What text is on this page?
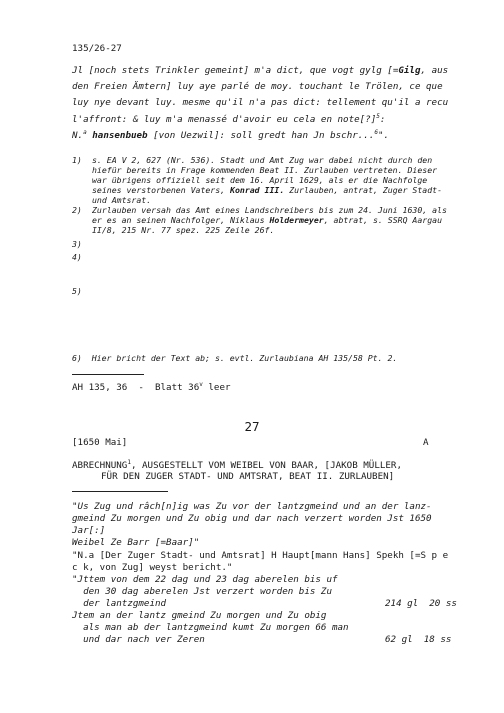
135/26-27
Jl [noch stets Trinkler gemeint] m'a dict, que vogt gylg [=Gilg, aus
den Freien Ämtern] luy aye parlé de moy. touchant le Trölen, ce que
luy nye devant luy. mesme qu'il n'a pas dict: tellement qu'il a recu
l'affront: & luy m'a menassé d'avoir eu cela en note[?]$^5$:
N.$^a$ hansenbueb [von Uezwil]: soll gredt han Jn bschr...$^6$".
1) s. EA V 2, 627 (Nr. 536). Stadt und Amt Zug war dabei nicht durch den
hiefür bereits in Frage kommenden Beat II. Zurlauben vertreten. Dieser
war übrigens offiziell seit dem 16. April 1629, als er die Nachfolge
seines verstorbenen Vaters, Konrad III. Zurlauben, antrat, Zuger Stadt-
und Amtsrat.
2) Zurlauben versah das Amt eines Landschreibers bis zum 24. Juni 1630, als
er es an seinen Nachfolger, Niklaus Holdermeyer, abtrat, s. SSRQ Aargau
II/8, 215 Nr. 77 spez. 225 Zeile 26f.
3)
4)
5)
6)  Hier bricht der Text ab; s. evtl. Zurlaubiana AH 135/58 Pt. 2.
AH 135, 36  -  Blatt 36$^v$ leer
27
[1650 Mai]	A
ABRECHNUNG$^1$, AUSGESTELLT VOM WEIBEL VON BAAR, [JAKOB MÜLLER,
FÜR DEN ZUGER STADT- UND AMTSRAT, BEAT II. ZURLAUBEN]
"Us Zug und râch[n]ig was Zu vor der lantzgmeind und an der lanz-
gmeind Zu morgen und Zu obig und dar nach verzert worden Jst 1650
Jar[:]
Weibel Ze Barr [=Baar]"
"N.a [Der Zuger Stadt- und Amtsrat] H Haupt[mann Hans] Spekh [=S p e
c k, von Zug] weyst bericht."
"Jttem von dem 22 dag und 23 dag aberelen bis uf
den 30 dag aberelen Jst verzert worden bis Zu
der lantzgmeind	214 gl  20 ss
Jtem an der lantz gmeind Zu morgen und Zu obig
als man ab der lantzgmeind kumt Zu morgen 66 man
und dar nach ver Zeren	62 gl  18 ss
